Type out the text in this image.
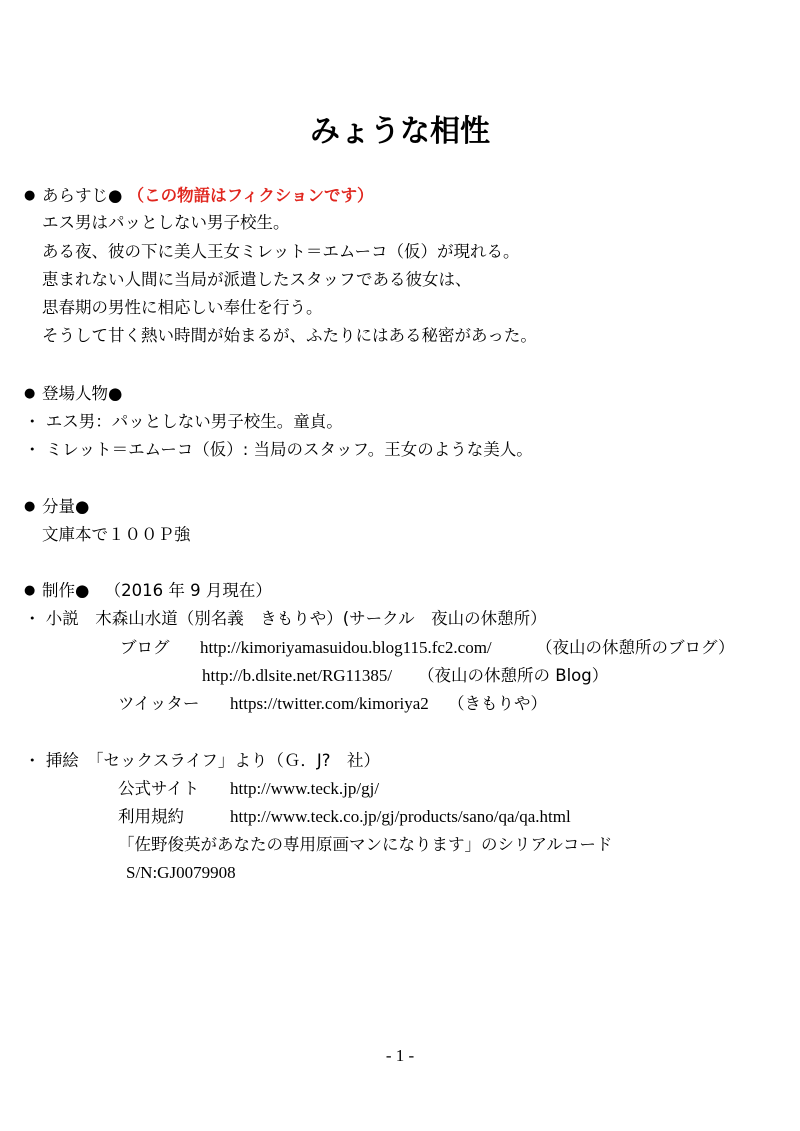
みょうな相性
● あらすじ● （この物語はフィクションです）
エス男はパッとしない男子校生。
ある夜、彼の下に美人王女ミレット＝エムーコ（仮）が現れる。
恵まれない人間に当局が派遣したスタッフである彼女は、
思春期の男性に相応しい奉仕を行う。
そうして甘く熱い時間が始まるが、ふたりにはある秘密があった。
● 登場人物●
・ エス男：パッとしない男子校生。童貞。
・ ミレット＝エムーコ（仮）: 当局のスタッフ。王女のような美人。
● 分量●
文庫本で１００Ｐ強
● 制作● （2016 年 9 月現在）
・ 小説　木森山水道（別名義　きもりや）(サークル　夜山の休憩所）
ブログ http://kimoriyamasuidou.blog115.fc2.com/	（夜山の休憩所のブログ）
http://b.dlsite.net/RG11385/ （夜山の休憩所の Blog）
ツイッター https://twitter.com/kimoriya2 （きもりや）
・ 挿絵　「セックスライフ」より（Ｇ．J?　社）
公式サイト http://www.teck.jp/gj/
利用規約	http://www.teck.co.jp/gj/products/sano/qa/qa.html
「佐野俊英があなたの専用原画マンになります」のシリアルコード
S/N:GJ0079908
- 1 -
